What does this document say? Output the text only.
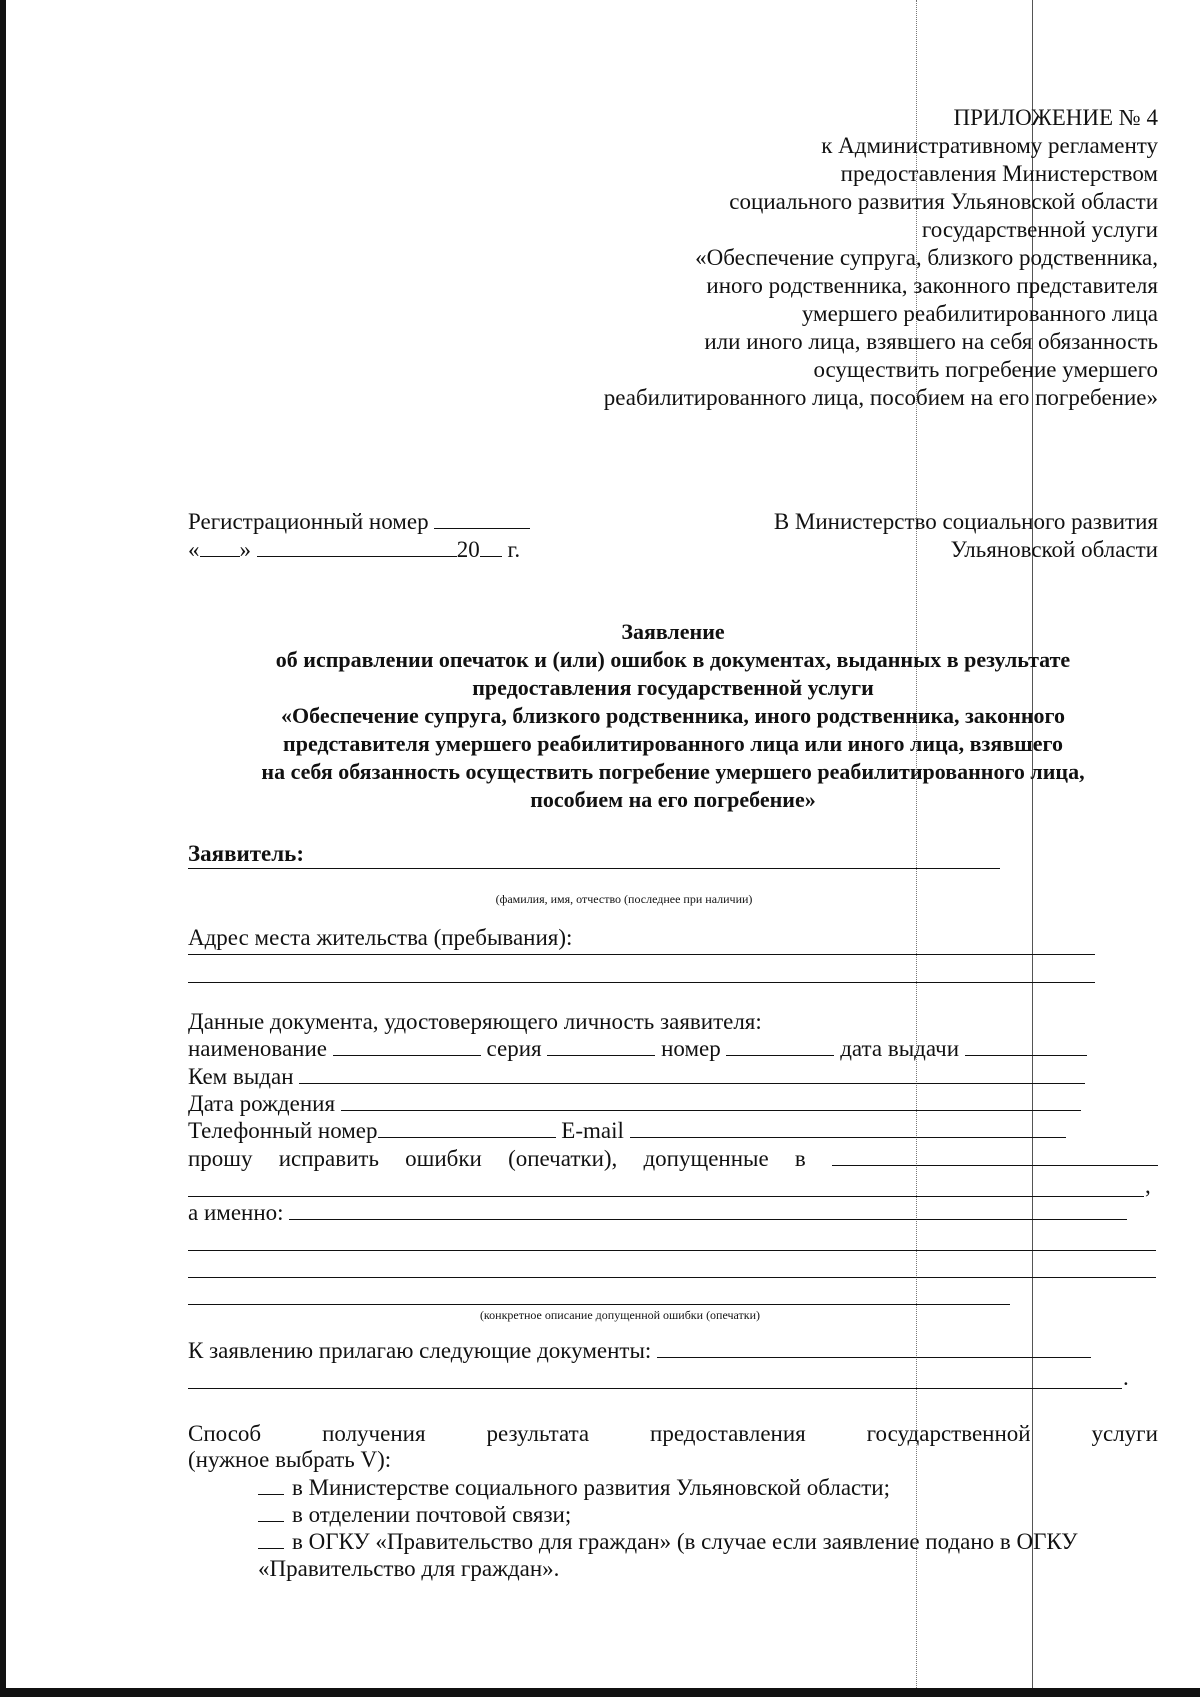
ПРИЛОЖЕНИЕ № 4
к Административному регламенту
предоставления Министерством
социального развития Ульяновской области
государственной услуги
«Обеспечение супруга, близкого родственника,
иного родственника, законного представителя
умершего реабилитированного лица
или иного лица, взявшего на себя обязанность
осуществить погребение умершего
реабилитированного лица, пособием на его погребение»
Регистрационный номер
« »	20 г.
В Министерство социального развития
Ульяновской области
Заявление
об исправлении опечаток и (или) ошибок в документах, выданных в результате
предоставления государственной услуги
«Обеспечение супруга, близкого родственника, иного родственника, законного
представителя умершего реабилитированного лица или иного лица, взявшего
на себя обязанность осуществить погребение умершего реабилитированного лица,
пособием на его погребение»
Заявитель:
(фамилия, имя, отчество (последнее при наличии)
Адрес места жительства (пребывания):
Данные документа, удостоверяющего личность заявителя:
наименование	серия	номер	дата выдачи
Кем выдан
Дата рождения
Телефонный номер	E-mail
прошу исправить ошибки (опечатки), допущенные в
,
а именно:
(конкретное описание допущенной ошибки (опечатки)
К заявлению прилагаю следующие документы:
.
Способ	получения	результата	предоставления	государственной	услуги
(нужное выбрать V):
в Министерстве социального развития Ульяновской области;
в отделении почтовой связи;
в ОГКУ «Правительство для граждан» (в случае если заявление подано в ОГКУ
«Правительство для граждан».
